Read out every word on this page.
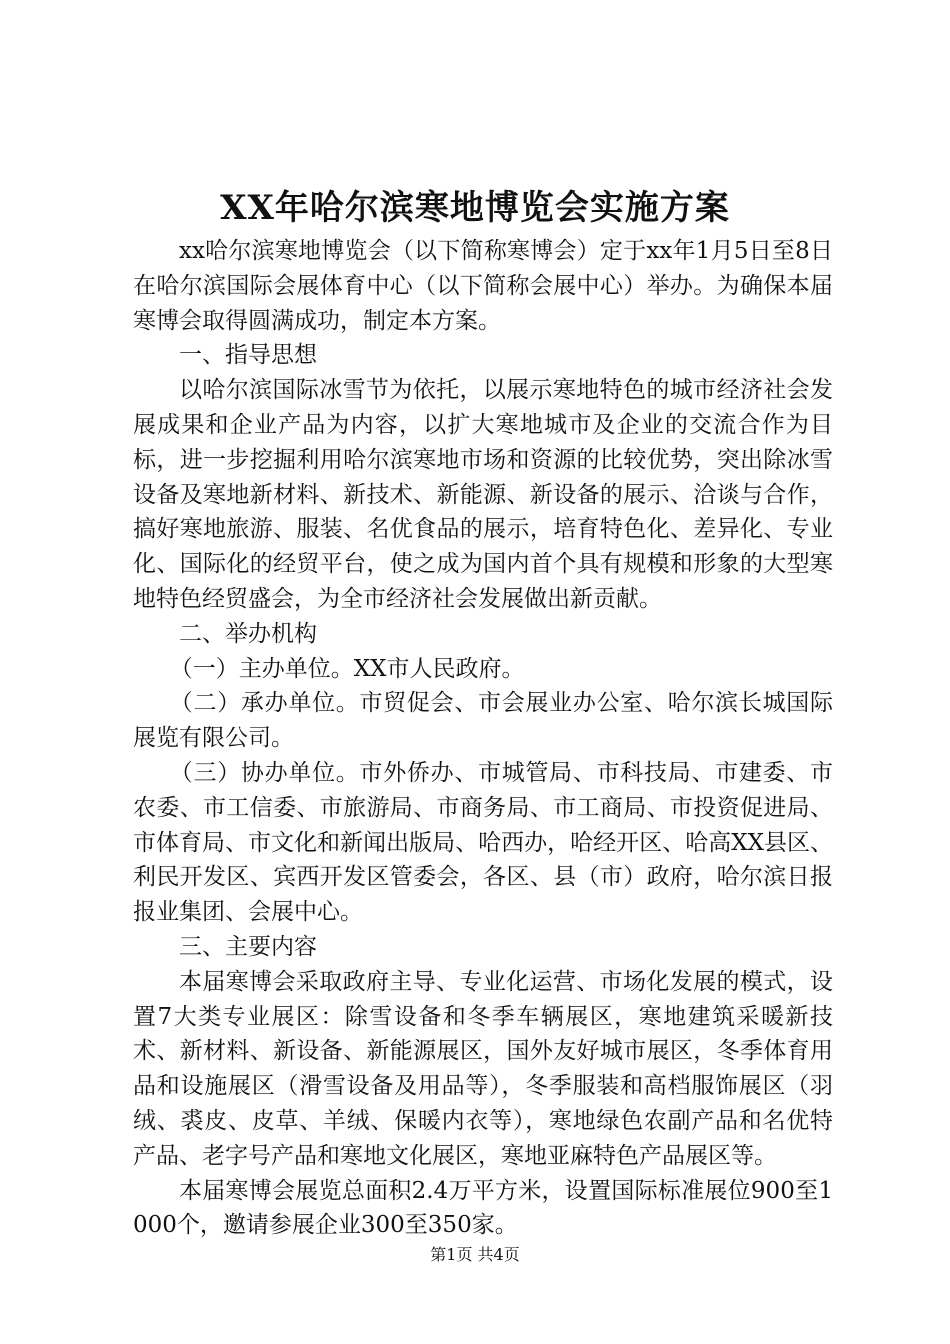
XX年哈尔滨寒地博览会实施方案

xx哈尔滨寒地博览会（以下简称寒博会）定于xx年1月5日至8日在哈尔滨国际会展体育中心（以下简称会展中心）举办。为确保本届寒博会取得圆满成功，制定本方案。

一、指导思想

以哈尔滨国际冰雪节为依托，以展示寒地特色的城市经济社会发展成果和企业产品为内容，以扩大寒地城市及企业的交流合作为目标，进一步挖掘利用哈尔滨寒地市场和资源的比较优势，突出除冰雪设备及寒地新材料、新技术、新能源、新设备的展示、洽谈与合作，搞好寒地旅游、服装、名优食品的展示，培育特色化、差异化、专业化、国际化的经贸平台，使之成为国内首个具有规模和形象的大型寒地特色经贸盛会，为全市经济社会发展做出新贡献。

二、举办机构

（一）主办单位。XX市人民政府。

（二）承办单位。市贸促会、市会展业办公室、哈尔滨长城国际展览有限公司。

（三）协办单位。市外侨办、市城管局、市科技局、市建委、市农委、市工信委、市旅游局、市商务局、市工商局、市投资促进局、市体育局、市文化和新闻出版局、哈西办，哈经开区、哈高XX县区、利民开发区、宾西开发区管委会，各区、县（市）政府，哈尔滨日报报业集团、会展中心。

三、主要内容

本届寒博会采取政府主导、专业化运营、市场化发展的模式，设置7大类专业展区：除雪设备和冬季车辆展区，寒地建筑采暖新技术、新材料、新设备、新能源展区，国外友好城市展区，冬季体育用品和设施展区（滑雪设备及用品等），冬季服装和高档服饰展区（羽绒、裘皮、皮草、羊绒、保暖内衣等），寒地绿色农副产品和名优特产品、老字号产品和寒地文化展区，寒地亚麻特色产品展区等。

本届寒博会展览总面积2.4万平方米，设置国际标准展位900至1000个，邀请参展企业300至350家。

第1页 共4页
